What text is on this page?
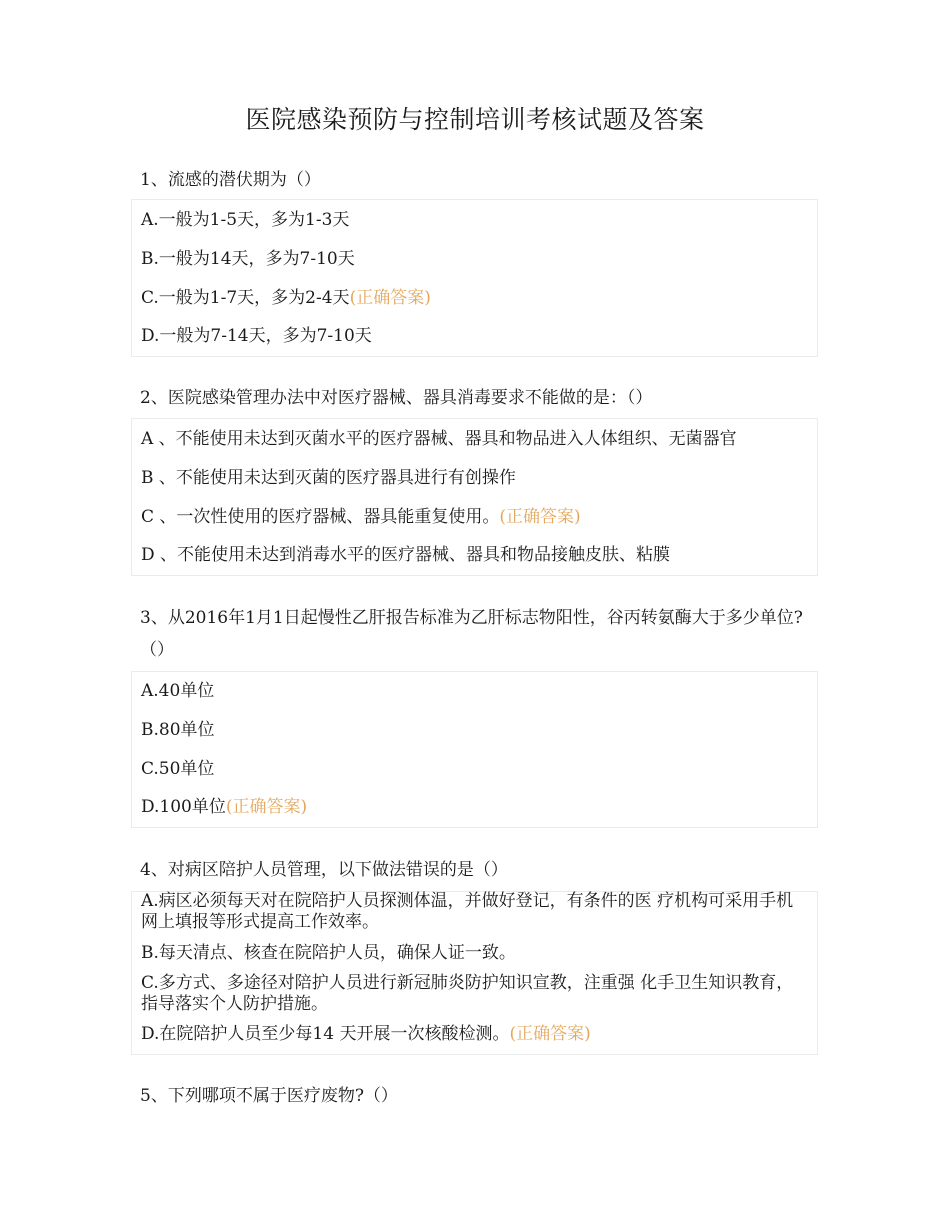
医院感染预防与控制培训考核试题及答案
1、流感的潜伏期为（）
A.一般为1-5天，多为1-3天
B.一般为14天，多为7-10天
C.一般为1-7天，多为2-4天(正确答案)
D.一般为7-14天，多为7-10天
2、医院感染管理办法中对医疗器械、器具消毒要求不能做的是：（）
A 、不能使用未达到灭菌水平的医疗器械、器具和物品进入人体组织、无菌器官
B 、不能使用未达到灭菌的医疗器具进行有创操作
C 、一次性使用的医疗器械、器具能重复使用。(正确答案)
D 、不能使用未达到消毒水平的医疗器械、器具和物品接触皮肤、粘膜
3、从2016年1月1日起慢性乙肝报告标准为乙肝标志物阳性，谷丙转氨酶大于多少单位?（）
A.40单位
B.80单位
C.50单位
D.100单位(正确答案)
4、对病区陪护人员管理，以下做法错误的是（）
A.病区必须每天对在院陪护人员探测体温，并做好登记，有条件的医 疗机构可采用手机网上填报等形式提高工作效率。
B.每天清点、核查在院陪护人员，确保人证一致。
C.多方式、多途径对陪护人员进行新冠肺炎防护知识宣教，注重强 化手卫生知识教育，指导落实个人防护措施。
D.在院陪护人员至少每14 天开展一次核酸检测。(正确答案)
5、下列哪项不属于医疗废物?（）
